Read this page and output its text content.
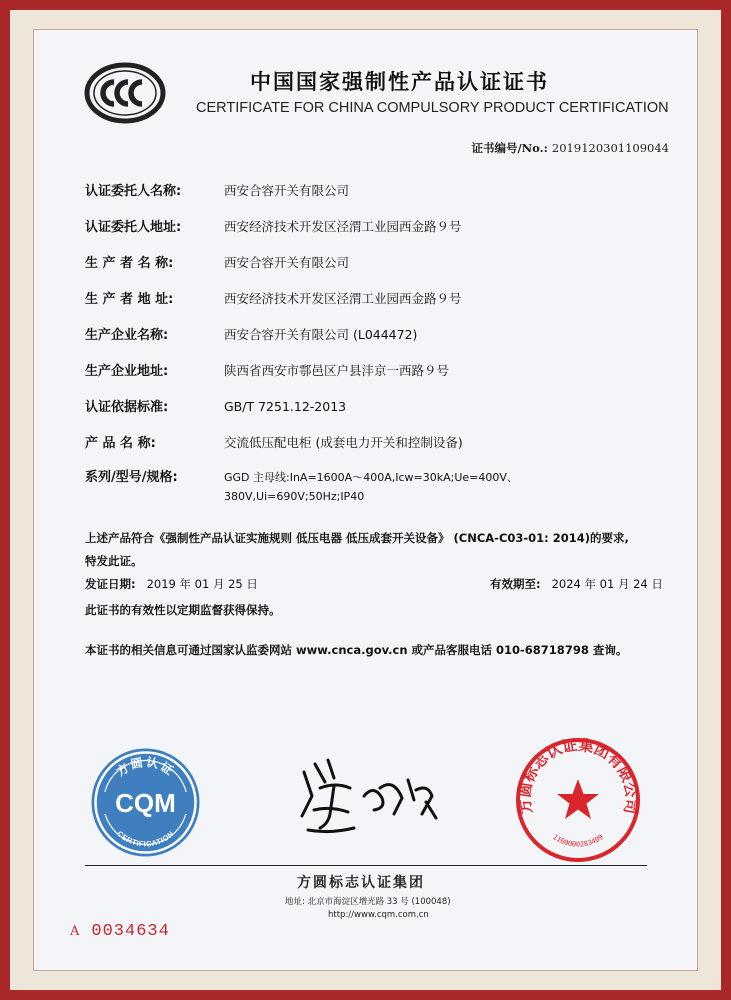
中国国家强制性产品认证证书
CERTIFICATE FOR CHINA COMPULSORY PRODUCT CERTIFICATION
证书编号/No.: 2019120301109044
认证委托人名称:	西安合容开关有限公司
认证委托人地址:	西安经济技术开发区泾渭工业园西金路９号
生 产 者 名 称:	西安合容开关有限公司
生 产 者 地 址:	西安经济技术开发区泾渭工业园西金路９号
生产企业名称:	西安合容开关有限公司 (L044472)
生产企业地址:	陕西省西安市鄠邑区户县沣京一西路９号
认证依据标准:	GB/T 7251.12-2013
产 品 名 称:	交流低压配电柜 (成套电力开关和控制设备)
系列/型号/规格:	GGD 主母线:InA=1600A～400A,Icw=30kA;Ue=400V、
380V,Ui=690V;50Hz;IP40
上述产品符合《强制性产品认证实施规则 低压电器 低压成套开关设备》 (CNCA-C03-01: 2014)的要求,
特发此证。
发证日期: 2019 年 01 月 25 日	有效期至: 2024 年 01 月 24 日
此证书的有效性以定期监督获得保持。
本证书的相关信息可通过国家认监委网站 www.cnca.gov.cn 或产品客服电话 010-68718798 查询。
方圆认证
CQM
CERTIFICATION
方圆标志认证集团有限公司
1100000283409
方圆标志认证集团
地址: 北京市海淀区增光路 33 号 (100048)
http://www.cqm.com.cn
A 0034634
